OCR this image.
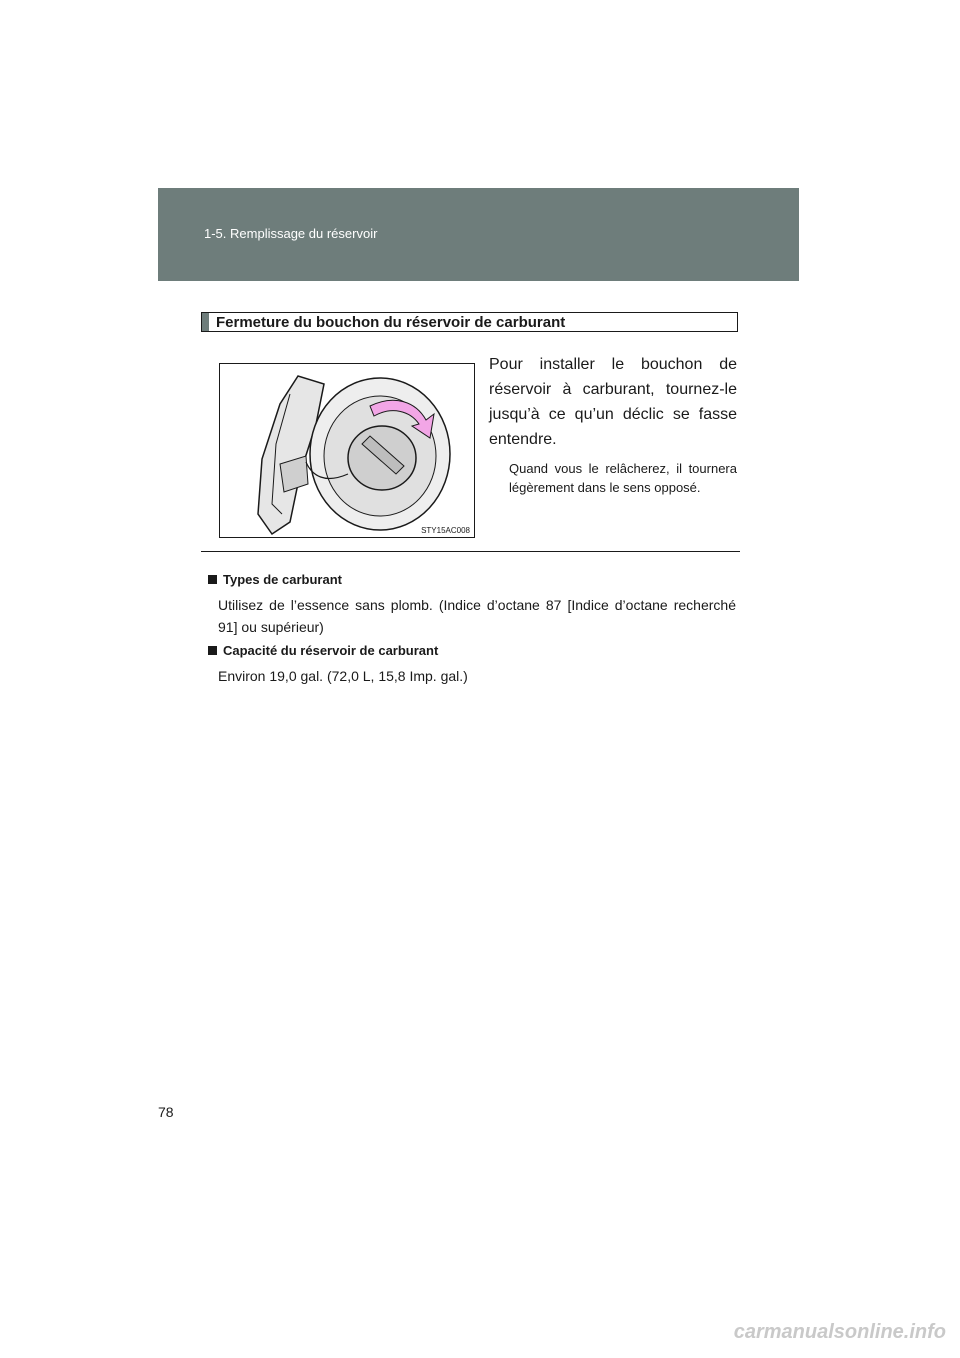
1-5. Remplissage du réservoir
Fermeture du bouchon du réservoir de carburant
STY15AC008
Pour installer le bouchon de réservoir à carburant, tournez-le jusqu’à ce qu’un déclic se fasse entendre.
Quand vous le relâcherez, il tournera légèrement dans le sens opposé.
Types de carburant
Utilisez de l’essence sans plomb. (Indice d’octane 87 [Indice d’octane recherché 91] ou supérieur)
Capacité du réservoir de carburant
Environ 19,0 gal. (72,0 L, 15,8 Imp. gal.)
78
carmanualsonline.info
